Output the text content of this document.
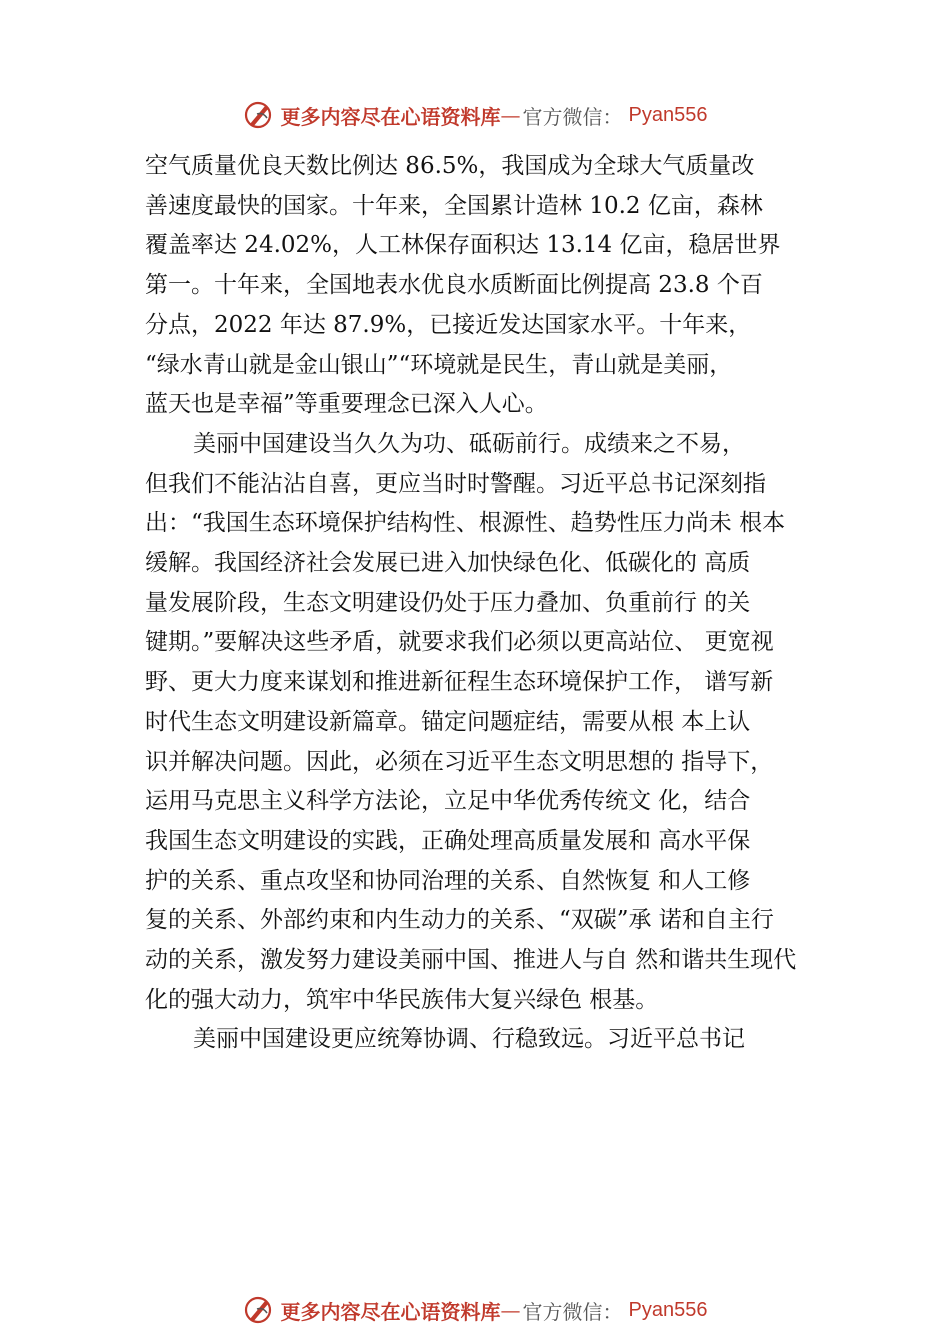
更多内容尽在心语资料库 — 官方微信： Pyan556

空气质量优良天数比例达 86.5%，我国成为全球大气质量改
善速度最快的国家。十年来，全国累计造林 10.2 亿亩，森林
覆盖率达 24.02%，人工林保存面积达 13.14 亿亩，稳居世界
第一。十年来，全国地表水优良水质断面比例提高 23.8 个百
分点，2022 年达 87.9%，已接近发达国家水平。十年来，
“绿水青山就是金山银山”“环境就是民生，青山就是美丽，
蓝天也是幸福”等重要理念已深入人心。

美丽中国建设当久久为功、砥砺前行。成绩来之不易，
但我们不能沾沾自喜，更应当时时警醒。习近平总书记深刻指
出：“我国生态环境保护结构性、根源性、趋势性压力尚未 根本
缓解。我国经济社会发展已进入加快绿色化、低碳化的 高质
量发展阶段，生态文明建设仍处于压力叠加、负重前行 的关
键期。”要解决这些矛盾，就要求我们必须以更高站位、 更宽视
野、更大力度来谋划和推进新征程生态环境保护工作， 谱写新
时代生态文明建设新篇章。锚定问题症结，需要从根 本上认
识并解决问题。因此，必须在习近平生态文明思想的 指导下，
运用马克思主义科学方法论，立足中华优秀传统文 化，结合
我国生态文明建设的实践，正确处理高质量发展和 高水平保
护的关系、重点攻坚和协同治理的关系、自然恢复 和人工修
复的关系、外部约束和内生动力的关系、“双碳”承 诺和自主行
动的关系，激发努力建设美丽中国、推进人与自 然和谐共生现代
化的强大动力，筑牢中华民族伟大复兴绿色 根基。

美丽中国建设更应统筹协调、行稳致远。习近平总书记

更多内容尽在心语资料库 — 官方微信： Pyan556
